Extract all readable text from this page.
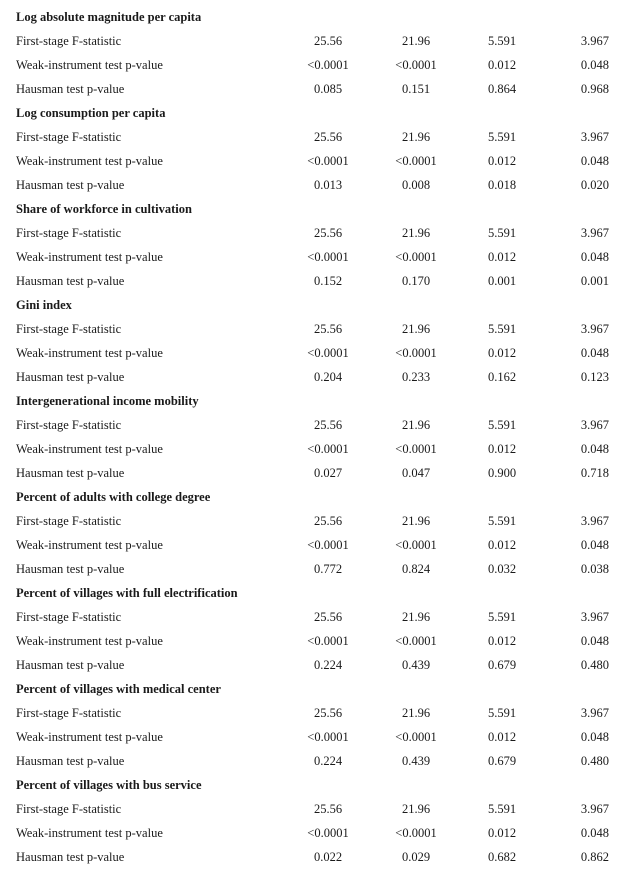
Log absolute magnitude per capita
First-stage F-statistic	25.56	21.96	5.591	3.967
Weak-instrument test p-value	<0.0001	<0.0001	0.012	0.048
Hausman test p-value	0.085	0.151	0.864	0.968
Log consumption per capita
First-stage F-statistic	25.56	21.96	5.591	3.967
Weak-instrument test p-value	<0.0001	<0.0001	0.012	0.048
Hausman test p-value	0.013	0.008	0.018	0.020
Share of workforce in cultivation
First-stage F-statistic	25.56	21.96	5.591	3.967
Weak-instrument test p-value	<0.0001	<0.0001	0.012	0.048
Hausman test p-value	0.152	0.170	0.001	0.001
Gini index
First-stage F-statistic	25.56	21.96	5.591	3.967
Weak-instrument test p-value	<0.0001	<0.0001	0.012	0.048
Hausman test p-value	0.204	0.233	0.162	0.123
Intergenerational income mobility
First-stage F-statistic	25.56	21.96	5.591	3.967
Weak-instrument test p-value	<0.0001	<0.0001	0.012	0.048
Hausman test p-value	0.027	0.047	0.900	0.718
Percent of adults with college degree
First-stage F-statistic	25.56	21.96	5.591	3.967
Weak-instrument test p-value	<0.0001	<0.0001	0.012	0.048
Hausman test p-value	0.772	0.824	0.032	0.038
Percent of villages with full electrification
First-stage F-statistic	25.56	21.96	5.591	3.967
Weak-instrument test p-value	<0.0001	<0.0001	0.012	0.048
Hausman test p-value	0.224	0.439	0.679	0.480
Percent of villages with medical center
First-stage F-statistic	25.56	21.96	5.591	3.967
Weak-instrument test p-value	<0.0001	<0.0001	0.012	0.048
Hausman test p-value	0.224	0.439	0.679	0.480
Percent of villages with bus service
First-stage F-statistic	25.56	21.96	5.591	3.967
Weak-instrument test p-value	<0.0001	<0.0001	0.012	0.048
Hausman test p-value	0.022	0.029	0.682	0.862
